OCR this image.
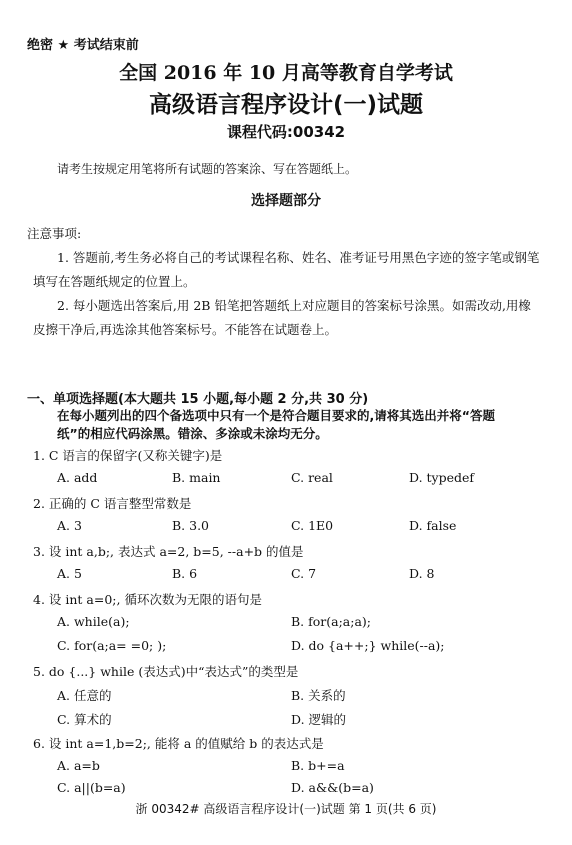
绝密 ★ 考试结束前
全国 2016 年 10 月高等教育自学考试
高级语言程序设计(一)试题
课程代码:00342
请考生按规定用笔将所有试题的答案涂、写在答题纸上。
选择题部分
注意事项:
1. 答题前,考生务必将自己的考试课程名称、姓名、准考证号用黑色字迹的签字笔或钢笔
填写在答题纸规定的位置上。
2. 每小题选出答案后,用 2B 铅笔把答题纸上对应题目的答案标号涂黑。如需改动,用橡
皮擦干净后,再选涂其他答案标号。不能答在试题卷上。
一、单项选择题(本大题共 15 小题,每小题 2 分,共 30 分)
在每小题列出的四个备选项中只有一个是符合题目要求的,请将其选出并将“答题
纸”的相应代码涂黑。错涂、多涂或未涂均无分。
1. C 语言的保留字(又称关键字)是
A. add	B. main	C. real	D. typedef
2. 正确的 C 语言整型常数是
A. 3	B. 3.0	C. 1E0	D. false
3. 设 int a,b;, 表达式 a=2, b=5, --a+b 的值是
A. 5	B. 6	C. 7	D. 8
4. 设 int a=0;, 循环次数为无限的语句是
A. while(a);	B. for(a;a;a);
C. for(a;a= =0; );	D. do {a++;} while(--a);
5. do {...} while (表达式)中“表达式”的类型是
A. 任意的	B. 关系的
C. 算术的	D. 逻辑的
6. 设 int a=1,b=2;, 能将 a 的值赋给 b 的表达式是
A. a=b	B. b+=a
C. a||(b=a)	D. a&&(b=a)
浙 00342# 高级语言程序设计(一)试题 第 1 页(共 6 页)
